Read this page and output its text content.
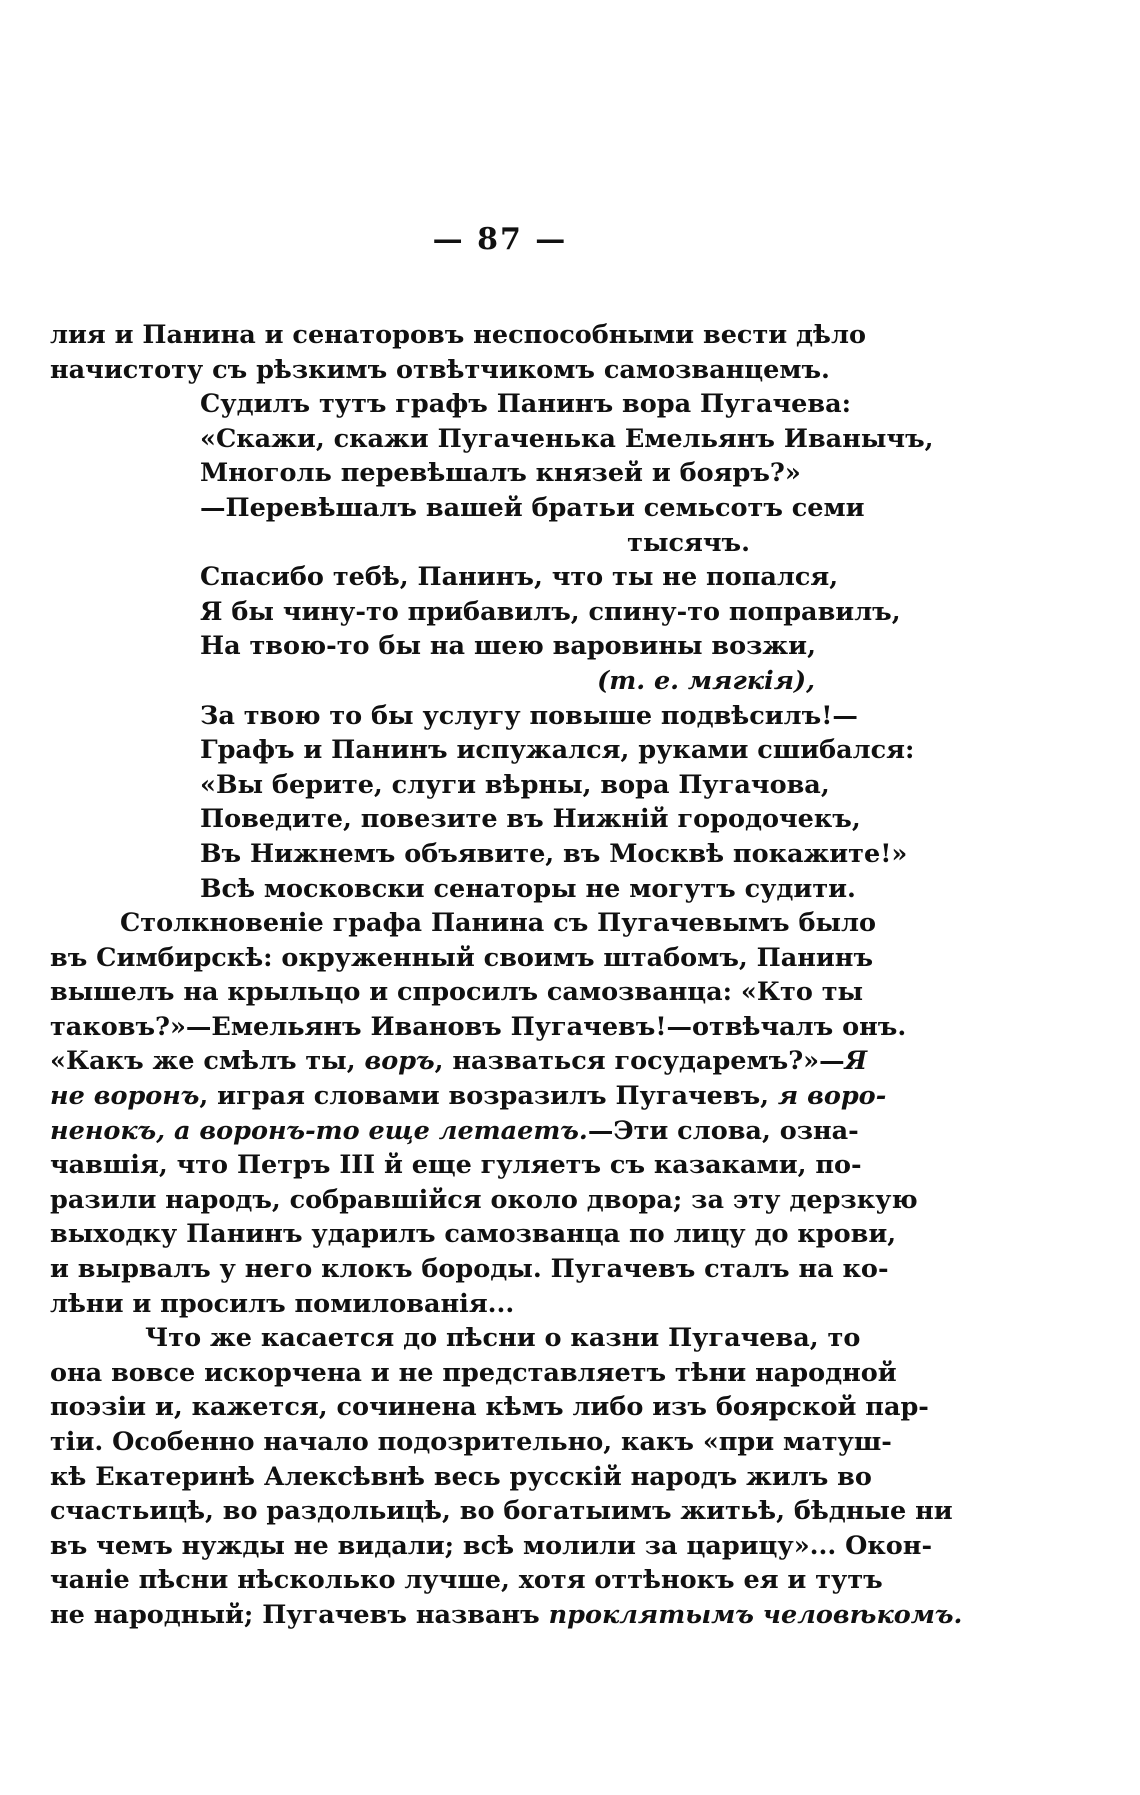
— 87 —
лия и Панина и сенаторовъ неспособными вести дѣло
начистоту съ рѣзкимъ отвѣтчикомъ самозванцемъ.
Судилъ тутъ графъ Панинъ вора Пугачева:
«Скажи, скажи Пугаченька Емельянъ Иванычъ,
Многоль перевѣшалъ князей и бояръ?»
—Перевѣшалъ вашей братьи семьсотъ семи
тысячъ.
Спасибо тебѣ, Панинъ, что ты не попался,
Я бы чину-то прибавилъ, спину-то поправилъ,
На твою-то бы на шею варовины возжи,
(т. е. мягкія),
За твою то бы услугу повыше подвѣсилъ!—
Графъ и Панинъ испужался, руками сшибался:
«Вы берите, слуги вѣрны, вора Пугачова,
Поведите, повезите въ Нижній городочекъ,
Въ Нижнемъ объявите, въ Москвѣ покажите!»
Всѣ московски сенаторы не могутъ судити.
Столкновеніе графа Панина съ Пугачевымъ было
въ Симбирскѣ: окруженный своимъ штабомъ, Панинъ
вышелъ на крыльцо и спросилъ самозванца: «Кто ты
таковъ?»—Емельянъ Ивановъ Пугачевъ!—отвѣчалъ онъ.
«Какъ же смѣлъ ты, воръ, назваться государемъ?»—Я
не воронъ, играя словами возразилъ Пугачевъ, я воро-
ненокъ, а воронъ-то еще летаетъ.—Эти слова, озна-
чавшія, что Петръ III й еще гуляетъ съ казаками, по-
разили народъ, собравшійся около двора; за эту дерзкую
выходку Панинъ ударилъ самозванца по лицу до крови,
и вырвалъ у него клокъ бороды. Пугачевъ сталъ на ко-
лѣни и просилъ помилованія...
Что же касается до пѣсни о казни Пугачева, то
она вовсе искорчена и не представляетъ тѣни народной
поэзіи и, кажется, сочинена кѣмъ либо изъ боярской пар-
тіи. Особенно начало подозрительно, какъ «при матуш-
кѣ Екатеринѣ Алексѣвнѣ весь русскій народъ жилъ во
счастьицѣ, во раздольицѣ, во богатыимъ житьѣ, бѣдные ни
въ чемъ нужды не видали; всѣ молили за царицу»... Окон-
чаніе пѣсни нѣсколько лучше, хотя оттѣнокъ ея и тутъ
не народный; Пугачевъ названъ проклятымъ человѣкомъ.
